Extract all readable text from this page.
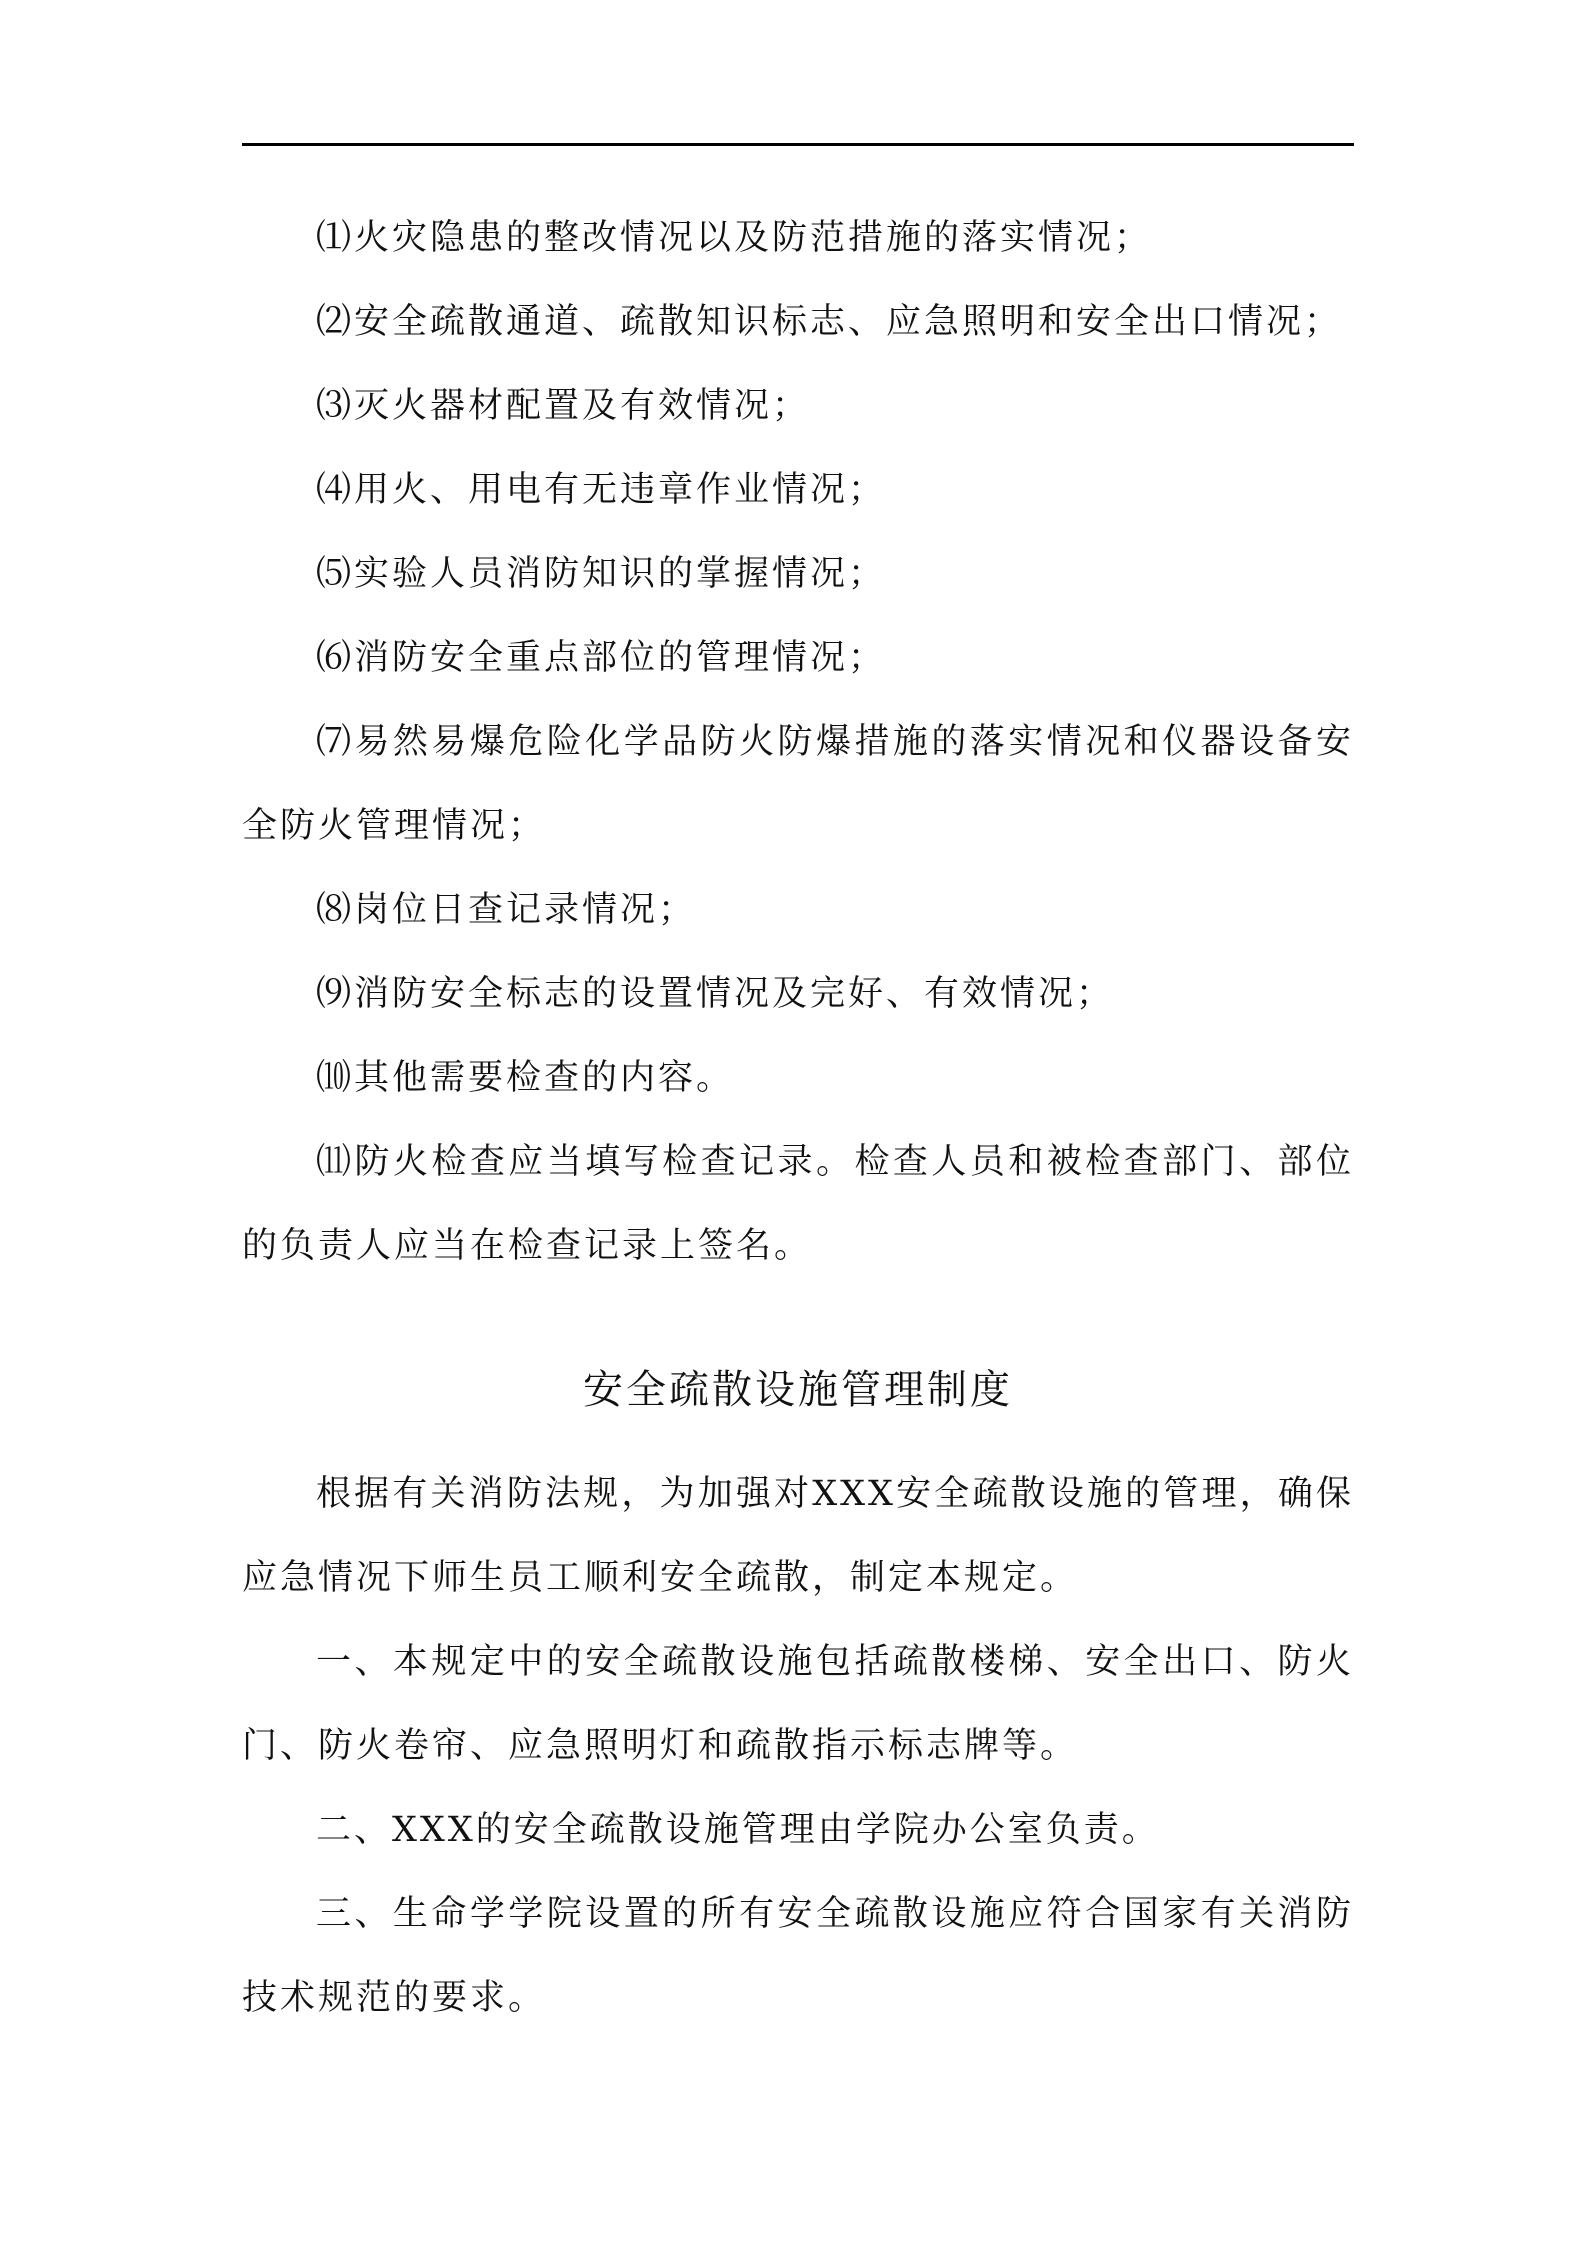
⑴火灾隐患的整改情况以及防范措施的落实情况；

⑵安全疏散通道、疏散知识标志、应急照明和安全出口情况；

⑶灭火器材配置及有效情况；

⑷用火、用电有无违章作业情况；

⑸实验人员消防知识的掌握情况；

⑹消防安全重点部位的管理情况；

⑺易然易爆危险化学品防火防爆措施的落实情况和仪器设备安全防火管理情况；

⑻岗位日查记录情况；

⑼消防安全标志的设置情况及完好、有效情况；

⑽其他需要检查的内容。

⑾防火检查应当填写检查记录。检查人员和被检查部门、部位的负责人应当在检查记录上签名。

安全疏散设施管理制度

根据有关消防法规，为加强对XXX安全疏散设施的管理，确保应急情况下师生员工顺利安全疏散，制定本规定。

一、本规定中的安全疏散设施包括疏散楼梯、安全出口、防火门、防火卷帘、应急照明灯和疏散指示标志牌等。

二、XXX的安全疏散设施管理由学院办公室负责。

三、生命学学院设置的所有安全疏散设施应符合国家有关消防技术规范的要求。
